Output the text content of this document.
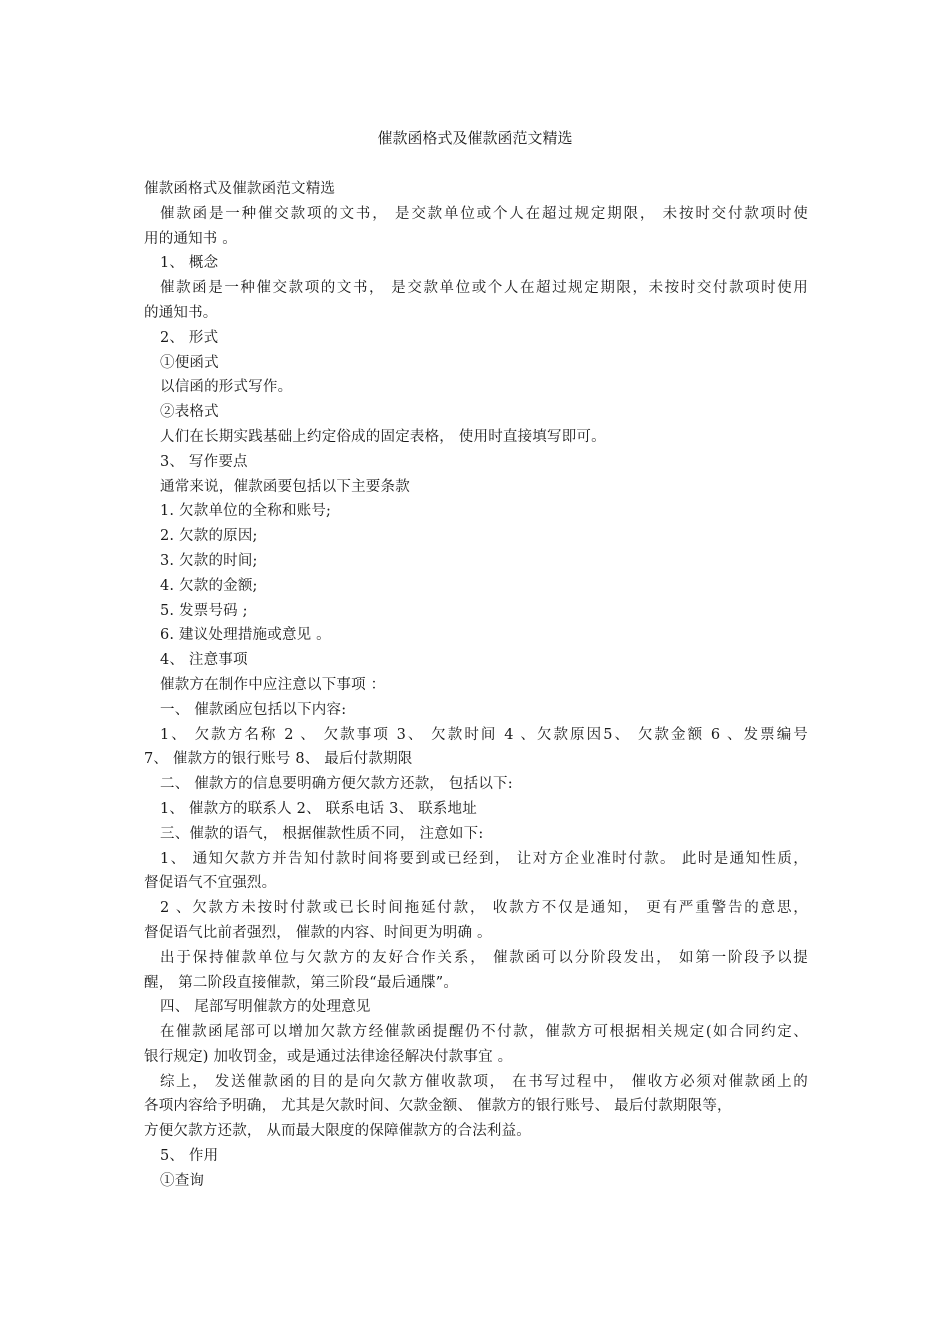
催款函格式及催款函范文精选
催款函格式及催款函范文精选
催款函是一种催交款项的文书， 是交款单位或个人在超过规定期限， 未按时交付款项时使
用的通知书 。
1、 概念
催款函是一种催交款项的文书， 是交款单位或个人在超过规定期限，未按时交付款项时使用
的通知书。
2、 形式
①便函式
以信函的形式写作。
②表格式
人们在长期实践基础上约定俗成的固定表格， 使用时直接填写即可。
3、 写作要点
通常来说，催款函要包括以下主要条款
1. 欠款单位的全称和账号;
2. 欠款的原因;
3. 欠款的时间;
4. 欠款的金额;
5. 发票号码 ;
6. 建议处理措施或意见 。
4、 注意事项
催款方在制作中应注意以下事项 ：
一、 催款函应包括以下内容:
1、 欠款方名称 2 、 欠款事项 3、 欠款时间 4 、欠款原因5、 欠款金额 6 、发票编号
7、 催款方的银行账号 8、 最后付款期限
二、 催款方的信息要明确方便欠款方还款， 包括以下:
1、 催款方的联系人 2、 联系电话 3、 联系地址
三、催款的语气， 根据催款性质不同， 注意如下:
1、 通知欠款方并告知付款时间将要到或已经到， 让对方企业准时付款。 此时是通知性质，
督促语气不宜强烈。
2 、欠款方未按时付款或已长时间拖延付款， 收款方不仅是通知， 更有严重警告的意思，
督促语气比前者强烈， 催款的内容、时间更为明确 。
出于保持催款单位与欠款方的友好合作关系， 催款函可以分阶段发出， 如第一阶段予以提
醒， 第二阶段直接催款，第三阶段“最后通牒”。
四、 尾部写明催款方的处理意见
在催款函尾部可以增加欠款方经催款函提醒仍不付款，催款方可根据相关规定(如合同约定、
银行规定) 加收罚金，或是通过法律途径解决付款事宜 。
综上， 发送催款函的目的是向欠款方催收款项， 在书写过程中， 催收方必须对催款函上的
各项内容给予明确， 尤其是欠款时间、欠款金额、 催款方的银行账号、 最后付款期限等，
方便欠款方还款， 从而最大限度的保障催款方的合法利益。
5、 作用
①查询
